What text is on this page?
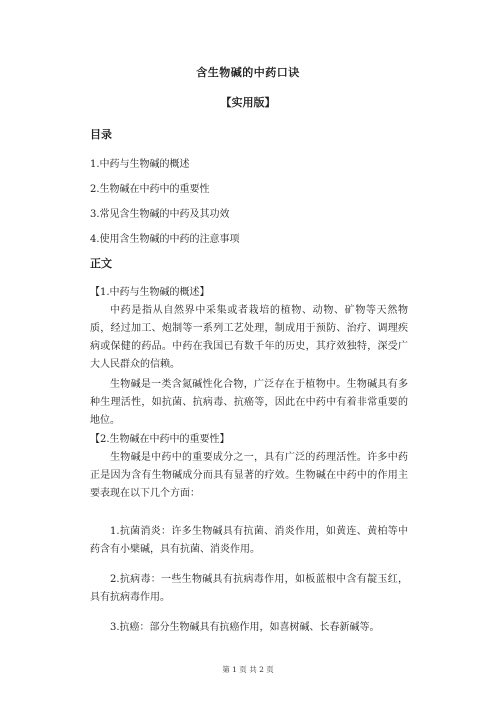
含生物碱的中药口诀
【实用版】
目录
1.中药与生物碱的概述
2.生物碱在中药中的重要性
3.常见含生物碱的中药及其功效
4.使用含生物碱的中药的注意事项
正文
【1.中药与生物碱的概述】
中药是指从自然界中采集或者栽培的植物、动物、矿物等天然物质，经过加工、炮制等一系列工艺处理，制成用于预防、治疗、调理疾病或保健的药品。中药在我国已有数千年的历史，其疗效独特，深受广大人民群众的信赖。
生物碱是一类含氮碱性化合物，广泛存在于植物中。生物碱具有多种生理活性，如抗菌、抗病毒、抗癌等，因此在中药中有着非常重要的地位。
【2.生物碱在中药中的重要性】
生物碱是中药中的重要成分之一，具有广泛的药理活性。许多中药正是因为含有生物碱成分而具有显著的疗效。生物碱在中药中的作用主要表现在以下几个方面：
1.抗菌消炎：许多生物碱具有抗菌、消炎作用，如黄连、黄柏等中药含有小檗碱，具有抗菌、消炎作用。
2.抗病毒：一些生物碱具有抗病毒作用，如板蓝根中含有靛玉红，具有抗病毒作用。
3.抗癌：部分生物碱具有抗癌作用，如喜树碱、长春新碱等。
第 1 页 共 2 页
